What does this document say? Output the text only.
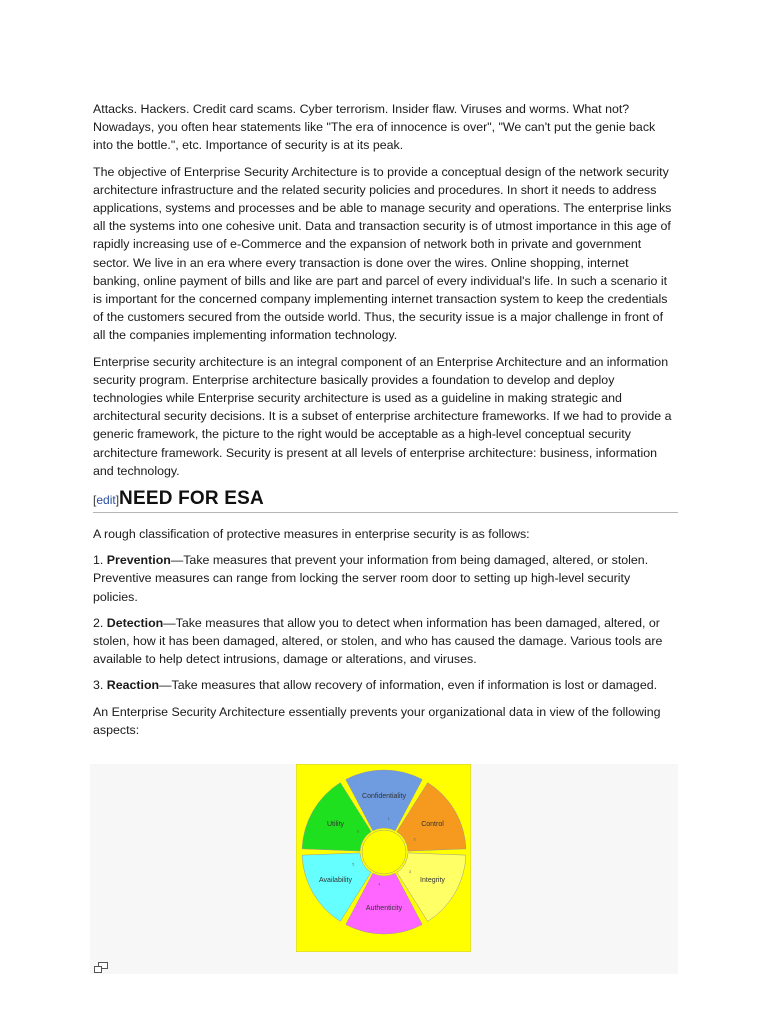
Attacks. Hackers. Credit card scams. Cyber terrorism. Insider flaw. Viruses and worms. What not? Nowadays, you often hear statements like "The era of innocence is over", "We can't put the genie back into the bottle.", etc. Importance of security is at its peak.

The objective of Enterprise Security Architecture is to provide a conceptual design of the network security architecture infrastructure and the related security policies and procedures. In short it needs to address applications, systems and processes and be able to manage security and operations. The enterprise links all the systems into one cohesive unit. Data and transaction security is of utmost importance in this age of rapidly increasing use of e-Commerce and the expansion of network both in private and government sector. We live in an era where every transaction is done over the wires. Online shopping, internet banking, online payment of bills and like are part and parcel of every individual's life. In such a scenario it is important for the concerned company implementing internet transaction system to keep the credentials of the customers secured from the outside world. Thus, the security issue is a major challenge in front of all the companies implementing information technology.

Enterprise security architecture is an integral component of an Enterprise Architecture and an information security program. Enterprise architecture basically provides a foundation to develop and deploy technologies while Enterprise security architecture is used as a guideline in making strategic and architectural security decisions. It is a subset of enterprise architecture frameworks. If we had to provide a generic framework, the picture to the right would be acceptable as a high-level conceptual security architecture framework. Security is present at all levels of enterprise architecture: business, information and technology.

[edit] NEED FOR ESA

A rough classification of protective measures in enterprise security is as follows:

1. Prevention—Take measures that prevent your information from being damaged, altered, or stolen. Preventive measures can range from locking the server room door to setting up high-level security policies.

2. Detection—Take measures that allow you to detect when information has been damaged, altered, or stolen, how it has been damaged, altered, or stolen, and who has caused the damage. Various tools are available to help detect intrusions, damage or alterations, and viruses.

3. Reaction—Take measures that allow recovery of information, even if information is lost or damaged.

An Enterprise Security Architecture essentially prevents your organizational data in view of the following aspects:

Confidentiality
1
Control
2
Integrity
3
Authenticity
4
Availability
5
Utility
6
